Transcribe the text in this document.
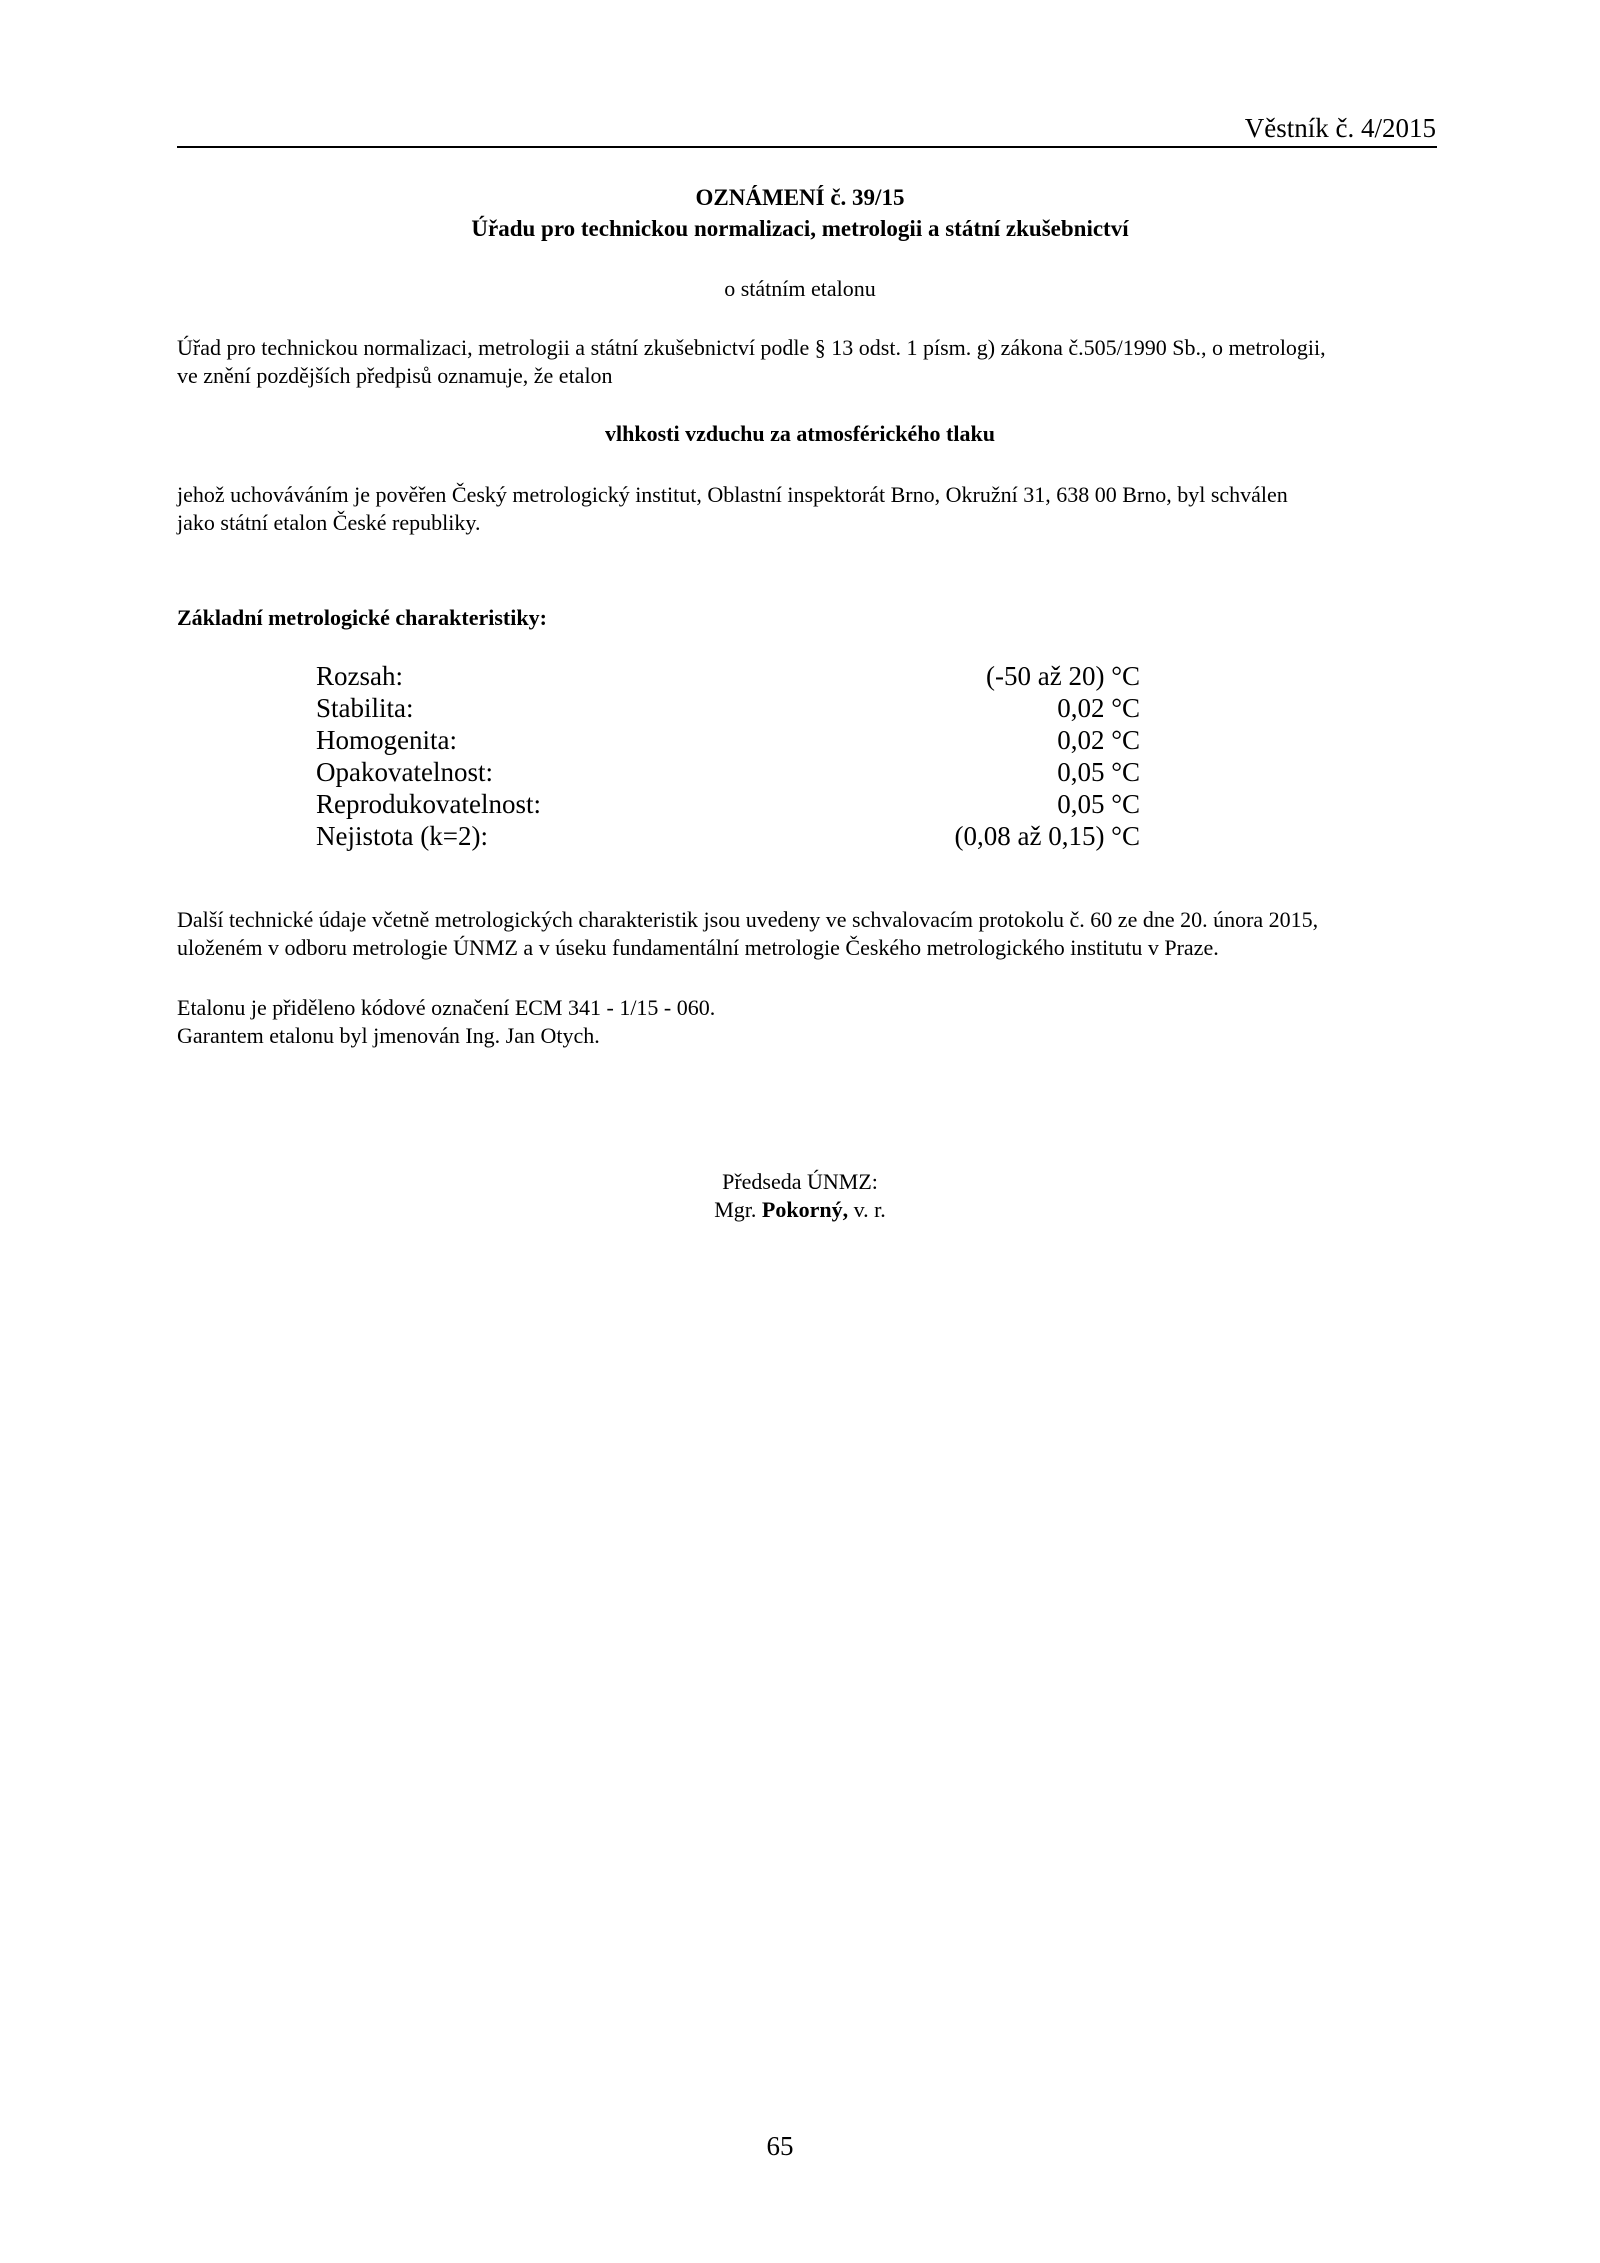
Věstník č. 4/2015
OZNÁMENÍ č. 39/15
Úřadu pro technickou normalizaci, metrologii a státní zkušebnictví
o státním etalonu
Úřad pro technickou normalizaci, metrologii a státní zkušebnictví podle § 13 odst. 1 písm. g) zákona č.505/1990 Sb., o metrologii,
ve znění pozdějších předpisů oznamuje, že etalon
vlhkosti vzduchu za atmosférického tlaku
jehož uchováváním je pověřen Český metrologický institut, Oblastní inspektorát Brno, Okružní 31, 638 00 Brno, byl schválen
jako státní etalon České republiky.
Základní metrologické charakteristiky:
Rozsah:	(-50 až 20) °C
Stabilita:	0,02 °C
Homogenita:	0,02 °C
Opakovatelnost:	0,05 °C
Reprodukovatelnost:	0,05 °C
Nejistota (k=2):	(0,08 až 0,15) °C
Další technické údaje včetně metrologických charakteristik jsou uvedeny ve schvalovacím protokolu č. 60 ze dne 20. února 2015,
uloženém v odboru metrologie ÚNMZ a v úseku fundamentální metrologie Českého metrologického institutu v Praze.
Etalonu je přiděleno kódové označení ECM 341 - 1/15 - 060.
Garantem etalonu byl jmenován Ing. Jan Otych.
Předseda ÚNMZ:
Mgr. Pokorný, v. r.
65
